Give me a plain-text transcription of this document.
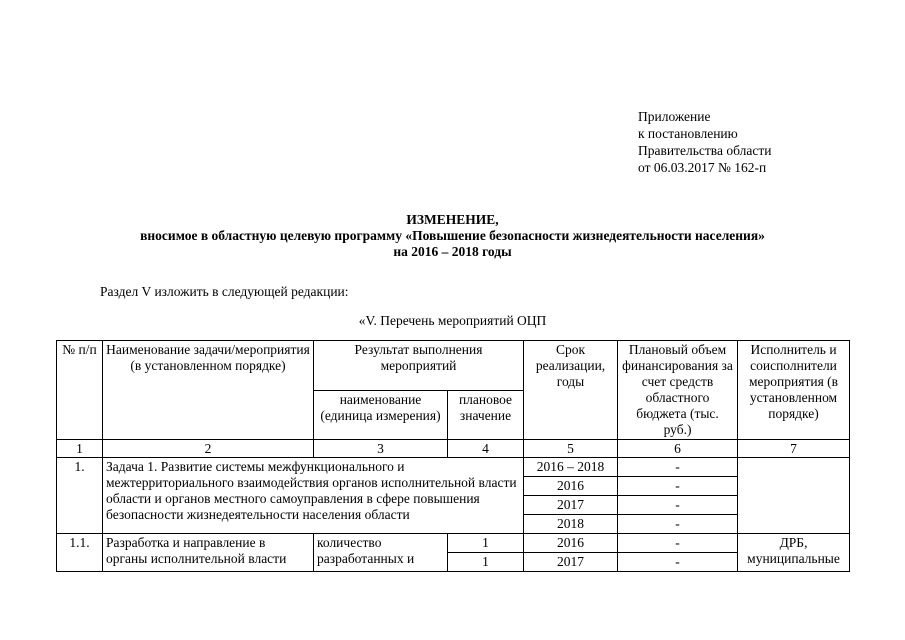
Приложение
к постановлению
Правительства области
от 06.03.2017 № 162-п
ИЗМЕНЕНИЕ,
вносимое в областную целевую программу «Повышение безопасности жизнедеятельности населения»
на 2016 – 2018 годы
Раздел V изложить в следующей редакции:
«V. Перечень мероприятий ОЦП
№ п/п	Наименование задачи/мероприятия (в установленном порядке)	Результат выполнения мероприятий		Срок реализации, годы	Плановый объем финансирования за счет средств областного бюджета (тыс. руб.)	Исполнитель и соисполнители мероприятия (в установленном порядке)
		наименование (единица измерения)	плановое значение			
1	2	3	4	5	6	7
1.	Задача 1. Развитие системы межфункционального и межтерриториального взаимодействия органов исполнительной власти области и органов местного самоуправления в сфере повышения безопасности жизнедеятельности населения области			2016 – 2018	-	
				2016	-	
				2017	-	
				2018	-	
1.1.	Разработка и направление в органы исполнительной власти	количество разработанных и	1	2016	-	ДРБ, муниципальные
			1	2017	-	
